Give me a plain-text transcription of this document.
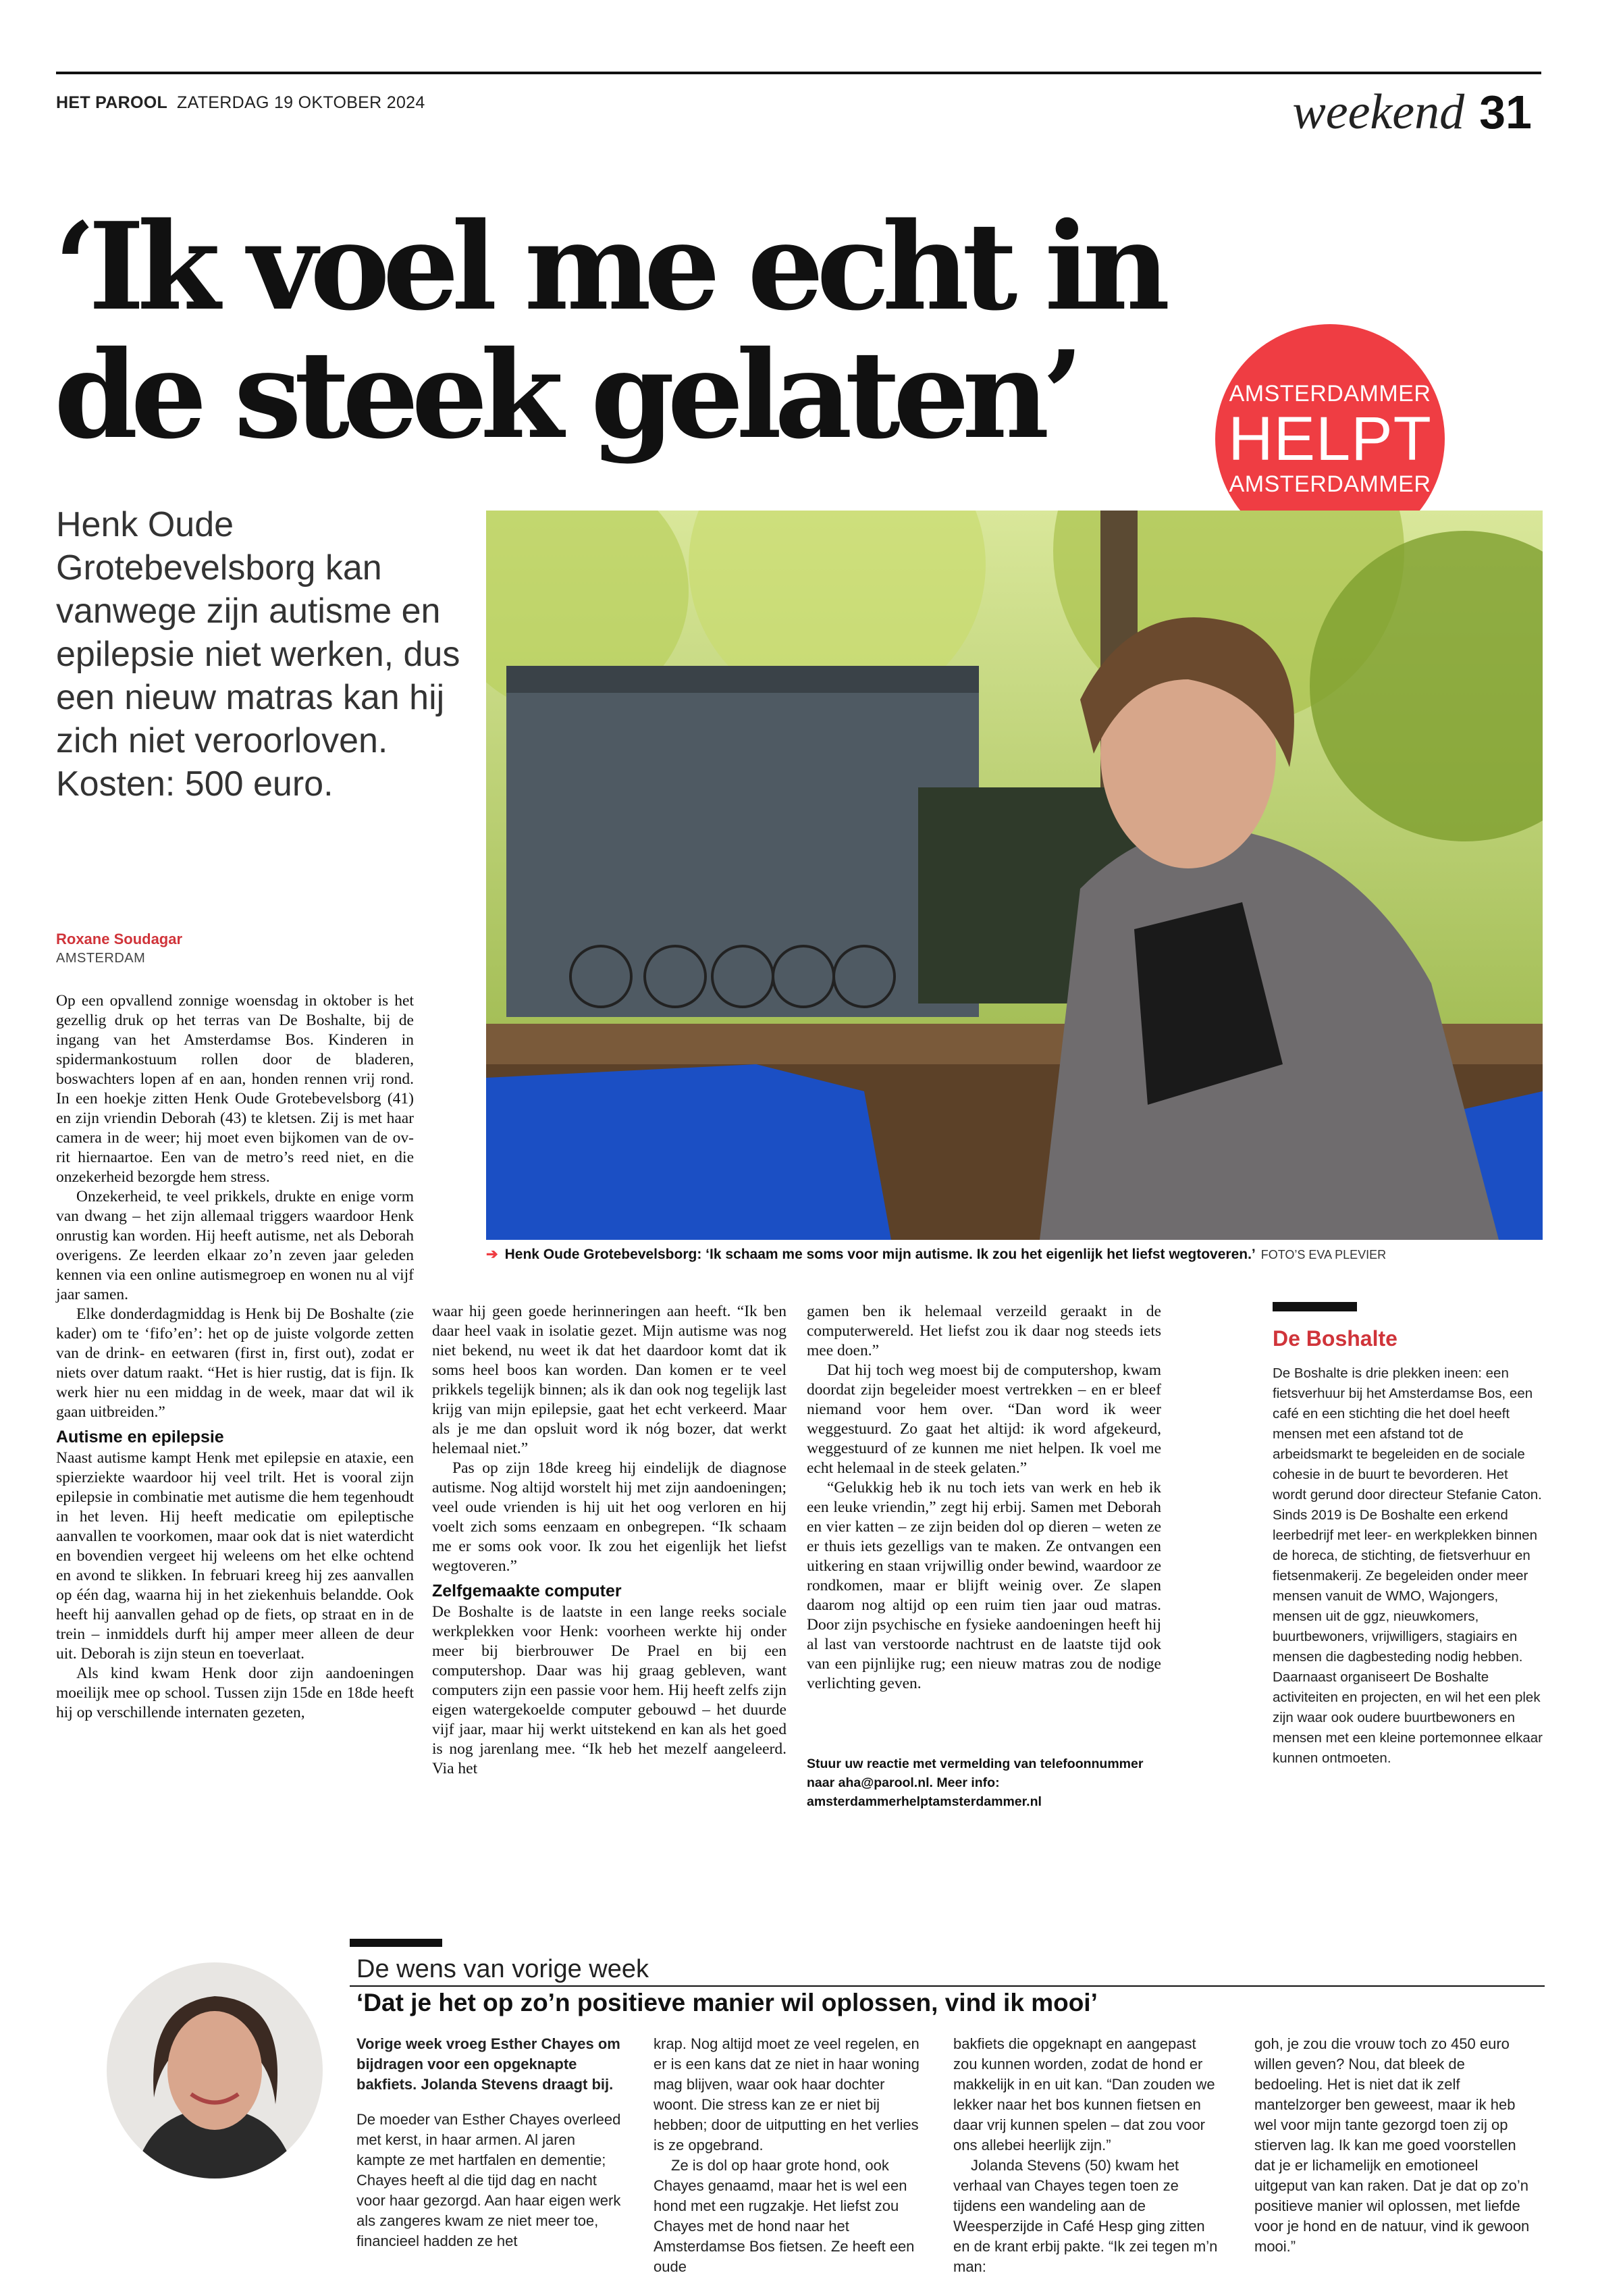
HET PAROOL ZATERDAG 19 OKTOBER 2024	weekend 31
‘Ik voel me echt in de steek gelaten’	AMSTERDAMMER
HELPT
AMSTERDAMMER
Henk Oude Grotebevelsborg kan vanwege zijn autisme en epilepsie niet werken, dus een nieuw matras kan hij zich niet veroorloven. Kosten: 500 euro.
➔ Henk Oude Grotebevelsborg: ‘Ik schaam me soms voor mijn autisme. Ik zou het eigenlijk het liefst wegtoveren.’ FOTO’S EVA PLEVIER
Roxane Soudagar
AMSTERDAM

Op een opvallend zonnige woensdag in oktober is het gezellig druk op het terras van De Boshalte, bij de ingang van het Amsterdamse Bos. Kinderen in spidermankostuum rollen door de bladeren, boswachters lopen af en aan, honden rennen vrij rond. In een hoekje zitten Henk Oude Grotebevelsborg (41) en zijn vriendin Deborah (43) te kletsen. Zij is met haar camera in de weer; hij moet even bijkomen van de ov-rit hiernaartoe. Een van de metro’s reed niet, en die onzekerheid bezorgde hem stress.

Onzekerheid, te veel prikkels, drukte en enige vorm van dwang – het zijn allemaal triggers waardoor Henk onrustig kan worden. Hij heeft autisme, net als Deborah overigens. Ze leerden elkaar zo’n zeven jaar geleden kennen via een online autismegroep en wonen nu al vijf jaar samen.

Elke donderdagmiddag is Henk bij De Boshalte (zie kader) om te ‘fifo’en’: het op de juiste volgorde zetten van de drink- en eetwaren (first in, first out), zodat er niets over datum raakt. “Het is hier rustig, dat is fijn. Ik werk hier nu een middag in de week, maar dat wil ik gaan uitbreiden.”

Autisme en epilepsie

Naast autisme kampt Henk met epilepsie en ataxie, een spierziekte waardoor hij veel trilt. Het is vooral zijn epilepsie in combinatie met autisme die hem tegenhoudt in het leven. Hij heeft medicatie om epileptische aanvallen te voorkomen, maar ook dat is niet waterdicht en bovendien vergeet hij weleens om het elke ochtend en avond te slikken. In februari kreeg hij zes aanvallen op één dag, waarna hij in het ziekenhuis belandde. Ook heeft hij aanvallen gehad op de fiets, op straat en in de trein – inmiddels durft hij amper meer alleen de deur uit. Deborah is zijn steun en toeverlaat.

Als kind kwam Henk door zijn aandoeningen moeilijk mee op school. Tussen zijn 15de en 18de heeft hij op verschillende internaten gezeten,

waar hij geen goede herinneringen aan heeft. “Ik ben daar heel vaak in isolatie gezet. Mijn autisme was nog niet bekend, nu weet ik dat het daardoor komt dat ik soms heel boos kan worden. Dan komen er te veel prikkels tegelijk binnen; als ik dan ook nog tegelijk last krijg van mijn epilepsie, gaat het echt verkeerd. Maar als je me dan opsluit word ik nóg bozer, dat werkt helemaal niet.”

Pas op zijn 18de kreeg hij eindelijk de diagnose autisme. Nog altijd worstelt hij met zijn aandoeningen; veel oude vrienden is hij uit het oog verloren en hij voelt zich soms eenzaam en onbegrepen. “Ik schaam me er soms ook voor. Ik zou het eigenlijk het liefst wegtoveren.”

Zelfgemaakte computer

De Boshalte is de laatste in een lange reeks sociale werkplekken voor Henk: voorheen werkte hij onder meer bij bierbrouwer De Prael en bij een computershop. Daar was hij graag gebleven, want computers zijn een passie voor hem. Hij heeft zelfs zijn eigen watergekoelde computer gebouwd – het duurde vijf jaar, maar hij werkt uitstekend en kan als het goed is nog jarenlang mee. “Ik heb het mezelf aangeleerd. Via het

gamen ben ik helemaal verzeild geraakt in de computerwereld. Het liefst zou ik daar nog steeds iets mee doen.”

Dat hij toch weg moest bij de computershop, kwam doordat zijn begeleider moest vertrekken – en er bleef niemand voor hem over. “Dan word ik weer weggestuurd. Zo gaat het altijd: ik word afgekeurd, weggestuurd of ze kunnen me niet helpen. Ik voel me echt helemaal in de steek gelaten.”

“Gelukkig heb ik nu toch iets van werk en heb ik een leuke vriendin,” zegt hij erbij. Samen met Deborah en vier katten – ze zijn beiden dol op dieren – weten ze er thuis iets gezelligs van te maken. Ze ontvangen een uitkering en staan vrijwillig onder bewind, waardoor ze rondkomen, maar er blijft weinig over. Ze slapen daarom nog altijd op een ruim tien jaar oud matras. Door zijn psychische en fysieke aandoeningen heeft hij al last van verstoorde nachtrust en de laatste tijd ook van een pijnlijke rug; een nieuw matras zou de nodige verlichting geven.

Stuur uw reactie met vermelding van telefoonnummer naar aha@parool.nl. Meer info: amsterdammerhelptamsterdammer.nl
De Boshalte
De Boshalte is drie plekken ineen: een fietsverhuur bij het Amsterdamse Bos, een café en een stichting die het doel heeft mensen met een afstand tot de arbeidsmarkt te begeleiden en de sociale cohesie in de buurt te bevorderen. Het wordt gerund door directeur Stefanie Caton. Sinds 2019 is De Boshalte een erkend leerbedrijf met leer- en werkplekken binnen de horeca, de stichting, de fietsverhuur en fietsenmakerij. Ze begeleiden onder meer mensen vanuit de WMO, Wajongers, mensen uit de ggz, nieuwkomers, buurtbewoners, vrijwilligers, stagiairs en mensen die dagbesteding nodig hebben. Daarnaast organiseert De Boshalte activiteiten en projecten, en wil het een plek zijn waar ook oudere buurtbewoners en mensen met een kleine portemonnee elkaar kunnen ontmoeten.
De wens van vorige week
‘Dat je het op zo’n positieve manier wil oplossen, vind ik mooi’

Vorige week vroeg Esther Chayes om bijdragen voor een opgeknapte bakfiets. Jolanda Stevens draagt bij.

De moeder van Esther Chayes overleed met kerst, in haar armen. Al jaren kampte ze met hartfalen en dementie; Chayes heeft al die tijd dag en nacht voor haar gezorgd. Aan haar eigen werk als zangeres kwam ze niet meer toe, financieel hadden ze het

krap. Nog altijd moet ze veel regelen, en er is een kans dat ze niet in haar woning mag blijven, waar ook haar dochter woont. Die stress kan ze er niet bij hebben; door de uitputting en het verlies is ze opgebrand.

Ze is dol op haar grote hond, ook Chayes genaamd, maar het is wel een hond met een rugzakje. Het liefst zou Chayes met de hond naar het Amsterdamse Bos fietsen. Ze heeft een oude

bakfiets die opgeknapt en aangepast zou kunnen worden, zodat de hond er makkelijk in en uit kan. “Dan zouden we lekker naar het bos kunnen fietsen en daar vrij kunnen spelen – dat zou voor ons allebei heerlijk zijn.”

Jolanda Stevens (50) kwam het verhaal van Chayes tegen toen ze tijdens een wandeling aan de Weesperzijde in Café Hesp ging zitten en de krant erbij pakte. “Ik zei tegen m’n man:

goh, je zou die vrouw toch zo 450 euro willen geven? Nou, dat bleek de bedoeling. Het is niet dat ik zelf mantelzorger ben geweest, maar ik heb wel voor mijn tante gezorgd toen zij op stierven lag. Ik kan me goed voorstellen dat je er lichamelijk en emotioneel uitgeput van kan raken. Dat je dat op zo’n positieve manier wil oplossen, met liefde voor je hond en de natuur, vind ik gewoon mooi.”
